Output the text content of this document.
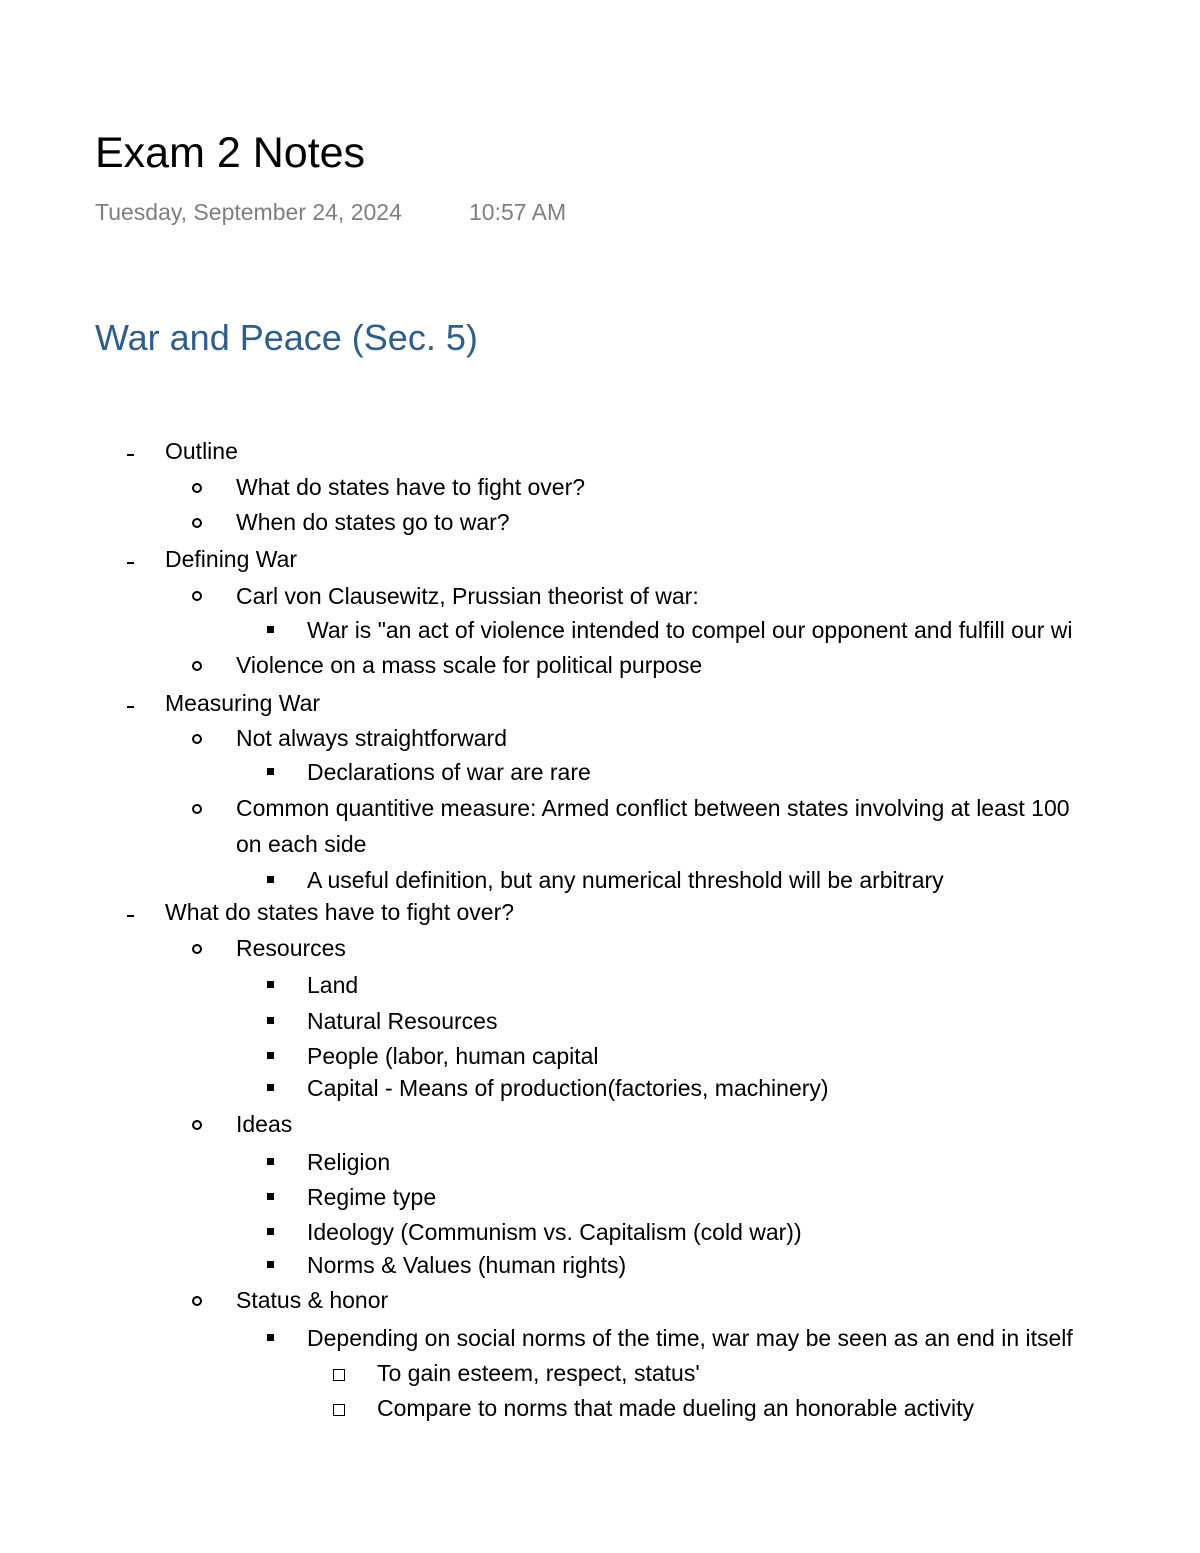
Exam 2 Notes
Tuesday, September 24, 2024	10:57 AM
War and Peace (Sec. 5)
Outline
What do states have to fight over?
When do states go to war?
Defining War
Carl von Clausewitz, Prussian theorist of war:
War is "an act of violence intended to compel our opponent and fulfill our wi
Violence on a mass scale for political purpose
Measuring War
Not always straightforward
Declarations of war are rare
Common quantitive measure: Armed conflict between states involving at least 100
on each side
A useful definition, but any numerical threshold will be arbitrary
What do states have to fight over?
Resources
Land
Natural Resources
People (labor, human capital
Capital - Means of production(factories, machinery)
Ideas
Religion
Regime type
Ideology (Communism vs. Capitalism (cold war))
Norms & Values (human rights)
Status & honor
Depending on social norms of the time, war may be seen as an end in itself
To gain esteem, respect, status'
Compare to norms that made dueling an honorable activity
